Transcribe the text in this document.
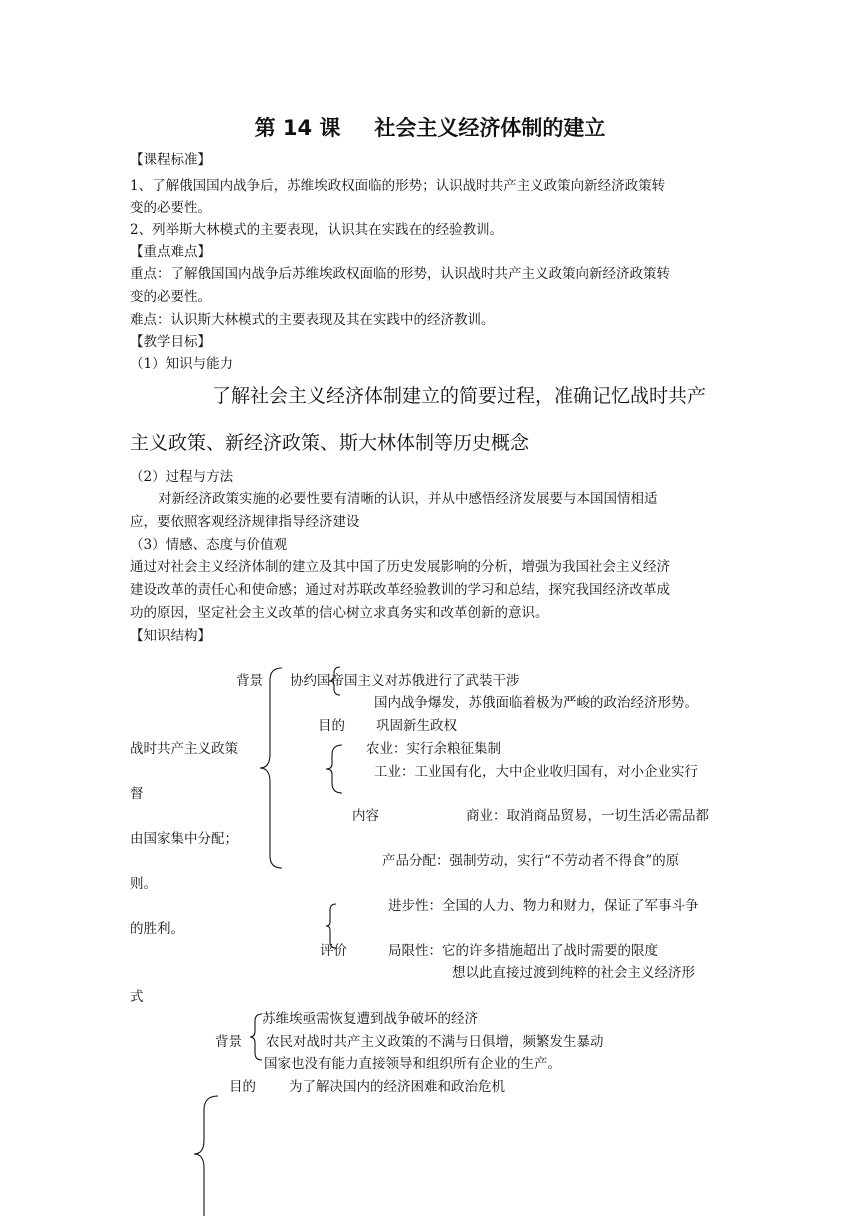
第 14 课 社会主义经济体制的建立
【课程标准】
1、了解俄国国内战争后，苏维埃政权面临的形势；认识战时共产主义政策向新经济政策转
变的必要性。
2、列举斯大林模式的主要表现，认识其在实践在的经验教训。
【重点难点】
重点：了解俄国国内战争后苏维埃政权面临的形势，认识战时共产主义政策向新经济政策转
变的必要性。
难点：认识斯大林模式的主要表现及其在实践中的经济教训。
【教学目标】
（1）知识与能力
了解社会主义经济体制建立的简要过程，准确记忆战时共产
主义政策、新经济政策、斯大林体制等历史概念
（2）过程与方法
对新经济政策实施的必要性要有清晰的认识，并从中感悟经济发展要与本国国情相适
应，要依照客观经济规律指导经济建设
（3）情感、态度与价值观
通过对社会主义经济体制的建立及其中国了历史发展影响的分析，增强为我国社会主义经济
建设改革的责任心和使命感；通过对苏联改革经验教训的学习和总结，探究我国经济改革成
功的原因，坚定社会主义改革的信心树立求真务实和改革创新的意识。
【知识结构】
背景 协约国帝国主义对苏俄进行了武装干涉
国内战争爆发，苏俄面临着极为严峻的政治经济形势。
目的 巩固新生政权
战时共产主义政策	农业：实行余粮征集制
工业：工业国有化，大中企业收归国有，对小企业实行
督
内容	商业：取消商品贸易，一切生活必需品都
由国家集中分配；
产品分配：强制劳动，实行“不劳动者不得食”的原
则。
进步性：全国的人力、物力和财力，保证了军事斗争
的胜利。
评价	局限性：它的许多措施超出了战时需要的限度
想以此直接过渡到纯粹的社会主义经济形
式
苏维埃亟需恢复遭到战争破坏的经济
背景 农民对战时共产主义政策的不满与日俱增，频繁发生暴动
国家也没有能力直接领导和组织所有企业的生产。
目的 为了解决国内的经济困难和政治危机
